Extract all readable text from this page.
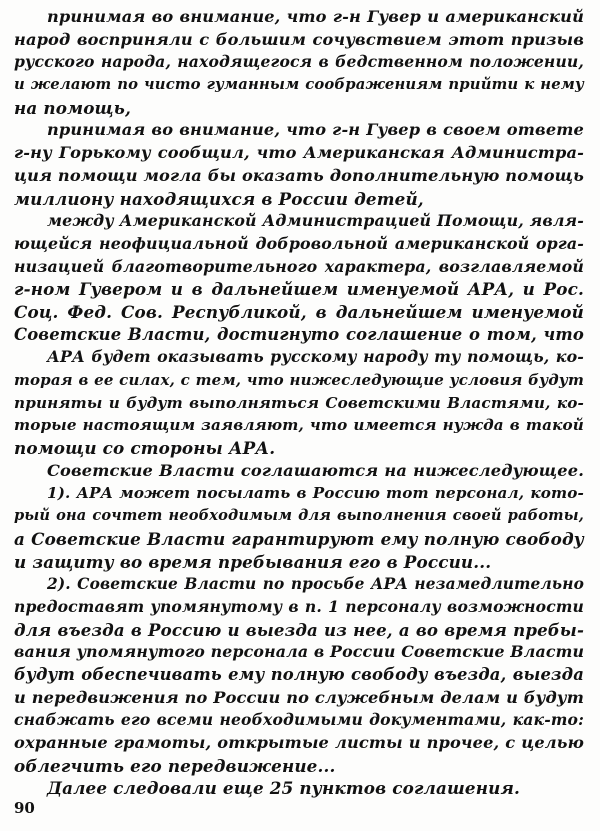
принимая во внимание, что г-н Гувер и американский
народ восприняли с большим сочувствием этот призыв
русского народа, находящегося в бедственном положении,
и желают по чисто гуманным соображениям прийти к нему
на помощь,
принимая во внимание, что г-н Гувер в своем ответе
г-ну Горькому сообщил, что Американская Администра-
ция помощи могла бы оказать дополнительную помощь
миллиону находящихся в России детей,
между Американской Администрацией Помощи, явля-
ющейся неофициальной добровольной американской орга-
низацией благотворительного характера, возглавляемой
г-ном Гувером и в дальнейшем именуемой АРА, и Рос.
Соц. Фед. Сов. Республикой, в дальнейшем именуемой
Советские Власти, достигнуто соглашение о том, что
АРА будет оказывать русскому народу ту помощь, ко-
торая в ее силах, с тем, что нижеследующие условия будут
приняты и будут выполняться Советскими Властями, ко-
торые настоящим заявляют, что имеется нужда в такой
помощи со стороны АРА.
Советские Власти соглашаются на нижеследующее.
1). АРА может посылать в Россию тот персонал, кото-
рый она сочтет необходимым для выполнения своей работы,
а Советские Власти гарантируют ему полную свободу
и защиту во время пребывания его в России...
2). Советские Власти по просьбе АРА незамедлительно
предоставят упомянутому в п. 1 персоналу возможности
для въезда в Россию и выезда из нее, а во время пребы-
вания упомянутого персонала в России Советские Власти
будут обеспечивать ему полную свободу въезда, выезда
и передвижения по России по служебным делам и будут
снабжать его всеми необходимыми документами, как-то:
охранные грамоты, открытые листы и прочее, с целью
облегчить его передвижение...
Далее следовали еще 25 пунктов соглашения.
90
